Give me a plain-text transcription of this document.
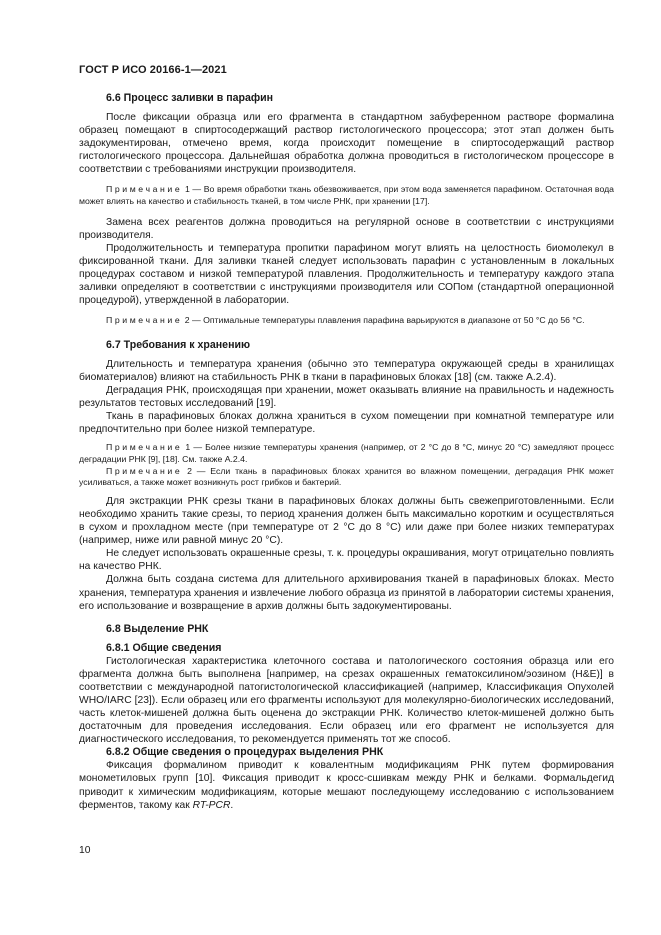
ГОСТ Р ИСО 20166-1—2021
6.6 Процесс заливки в парафин

После фиксации образца или его фрагмента в стандартном забуференном растворе формалина образец помещают в спиртосодержащий раствор гистологического процессора; этот этап должен быть задокументирован, отмечено время, когда происходит помещение в спиртосодержащий раствор гистологического процессора. Дальнейшая обработка должна проводиться в гистологическом процессоре в соответствии с требованиями инструкции производителя.

Примечание 1 — Во время обработки ткань обезвоживается, при этом вода заменяется парафином. Остаточная вода может влиять на качество и стабильность тканей, в том числе РНК, при хранении [17].

Замена всех реагентов должна проводиться на регулярной основе в соответствии с инструкциями производителя.

Продолжительность и температура пропитки парафином могут влиять на целостность биомолекул в фиксированной ткани. Для заливки тканей следует использовать парафин с установленным в локальных процедурах составом и низкой температурой плавления. Продолжительность и температуру каждого этапа заливки определяют в соответствии с инструкциями производителя или СОПом (стандартной операционной процедурой), утвержденной в лаборатории.

Примечание 2 — Оптимальные температуры плавления парафина варьируются в диапазоне от 50 °С до 56 °С.

6.7 Требования к хранению

Длительность и температура хранения (обычно это температура окружающей среды в хранилищах биоматериалов) влияют на стабильность РНК в ткани в парафиновых блоках [18] (см. также А.2.4).

Деградация РНК, происходящая при хранении, может оказывать влияние на правильность и надежность результатов тестовых исследований [19].

Ткань в парафиновых блоках должна храниться в сухом помещении при комнатной температуре или предпочтительно при более низкой температуре.

Примечание 1 — Более низкие температуры хранения (например, от 2 °С до 8 °С, минус 20 °С) замедляют процесс деградации РНК [9], [18]. См. также А.2.4.

Примечание 2 — Если ткань в парафиновых блоках хранится во влажном помещении, деградация РНК может усиливаться, а также может возникнуть рост грибков и бактерий.

Для экстракции РНК срезы ткани в парафиновых блоках должны быть свежеприготовленными. Если необходимо хранить такие срезы, то период хранения должен быть максимально коротким и осуществляться в сухом и прохладном месте (при температуре от 2 °С до 8 °С) или даже при более низких температурах (например, ниже или равной минус 20 °С).

Не следует использовать окрашенные срезы, т. к. процедуры окрашивания, могут отрицательно повлиять на качество РНК.

Должна быть создана система для длительного архивирования тканей в парафиновых блоках. Место хранения, температура хранения и извлечение любого образца из принятой в лаборатории системы хранения, его использование и возвращение в архив должны быть задокументированы.

6.8 Выделение РНК
6.8.1 Общие сведения

Гистологическая характеристика клеточного состава и патологического состояния образца или его фрагмента должна быть выполнена [например, на срезах окрашенных гематоксилином/эозином (Н&Е)] в соответствии с международной патогистологической классификацией (например, Классификация Опухолей WHO/IARC [23]). Если образец или его фрагменты используют для молекулярно-биологических исследований, часть клеток-мишеней должна быть оценена до экстракции РНК. Количество клеток-мишеней должно быть достаточным для проведения исследования. Если образец или его фрагмент не используется для диагностического исследования, то рекомендуется применять тот же способ.

6.8.2 Общие сведения о процедурах выделения РНК

Фиксация формалином приводит к ковалентным модификациям РНК путем формирования монометиловых групп [10]. Фиксация приводит к кросс-сшивкам между РНК и белками. Формальдегид приводит к химическим модификациям, которые мешают последующему исследованию с использованием ферментов, такому как RT-PCR.

10
